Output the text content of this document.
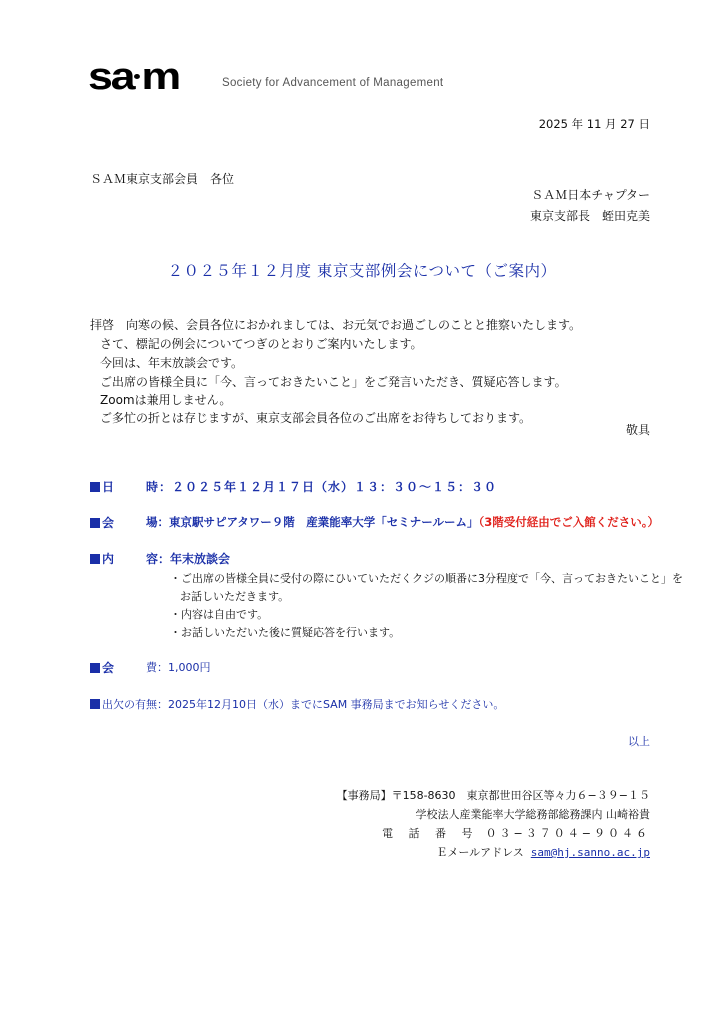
sa m	Society for Advancement of Management
2025 年 11 月 27 日
ＳＡＭ東京支部会員　各位
ＳＡＭ日本チャプター
東京支部長　蛭田克美
２０２５年１２月度 東京支部例会について（ご案内）
拝啓　向寒の候、会員各位におかれましては、お元気でお過ごしのことと推察いたします。
さて、標記の例会についてつぎのとおりご案内いたします。
今回は、年末放談会です。
ご出席の皆様全員に「今、言っておきたいこと」をご発言いただき、質疑応答します。
Zoomは兼用しません。
ご多忙の折とは存じますが、東京支部会員各位のご出席をお待ちしております。
敬具
日	時：２０２５年１２月１７日（水）１３：３０〜１５：３０
会	場：東京駅サピアタワー９階　産業能率大学「セミナールーム」（3階受付経由でご入館ください。）
内	容：年末放談会
・ご出席の皆様全員に受付の際にひいていただくクジの順番に3分程度で「今、言っておきたいこと」を
お話しいただきます。
・内容は自由です。
・お話しいただいた後に質疑応答を行います。
会	費：1,000円
出欠の有無：2025年12月10日（水）までにSAM 事務局までお知らせください。
以上
【事務局】〒158-8630　東京都世田谷区等々力６−３９−１５
学校法人産業能率大学総務部総務課内 山崎裕貴
電 話 番 号 ０３−３７０４−９０４６
Ｅメールアドレス sam@hj.sanno.ac.jp
